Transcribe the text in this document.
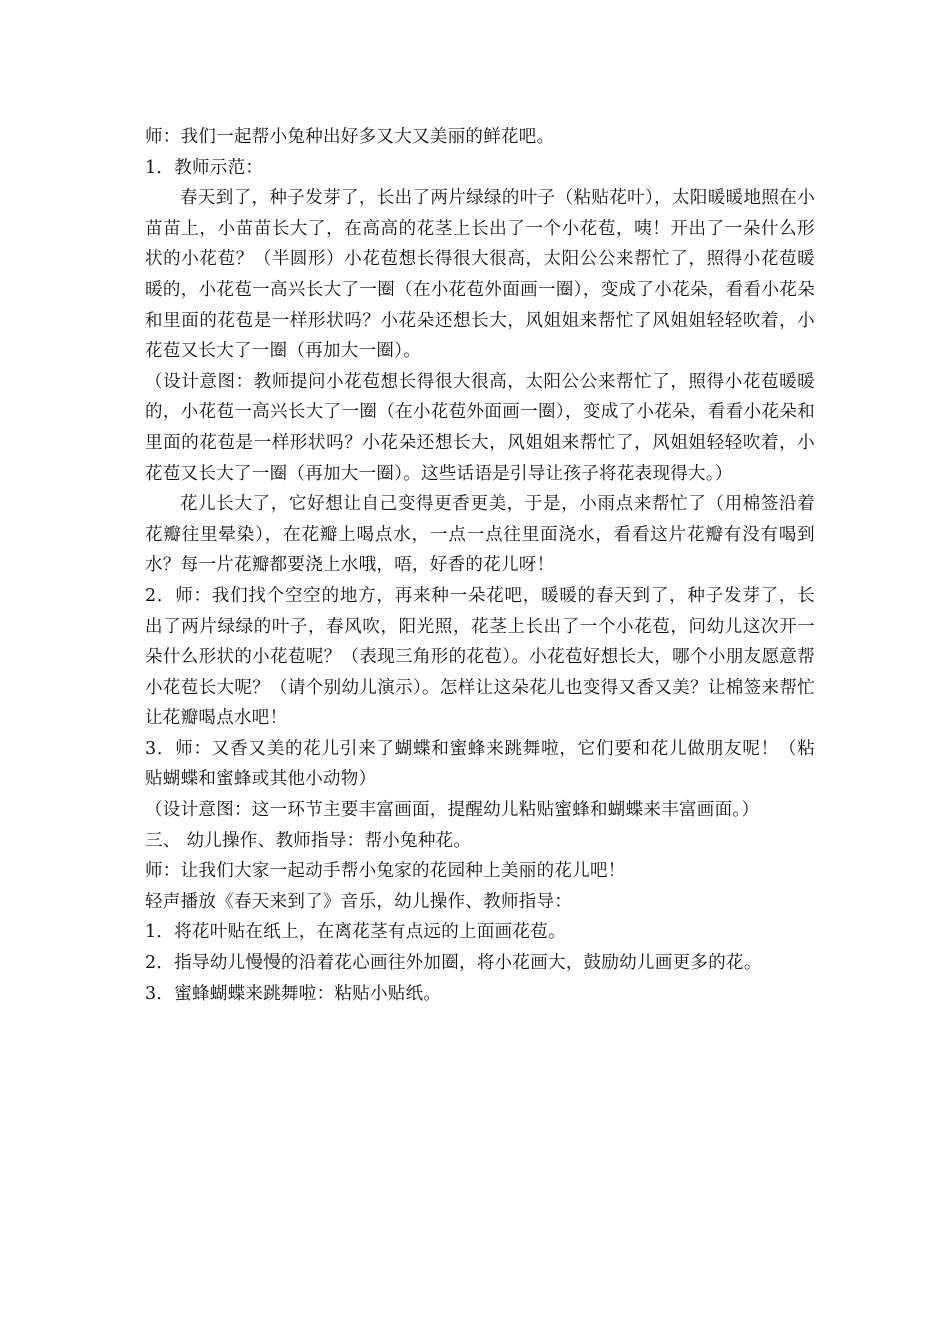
师：我们一起帮小兔种出好多又大又美丽的鲜花吧。

1．教师示范：

春天到了，种子发芽了，长出了两片绿绿的叶子（粘贴花叶），太阳暖暖地照在小苗苗上，小苗苗长大了，在高高的花茎上长出了一个小花苞，咦！开出了一朵什么形状的小花苞？（半圆形）小花苞想长得很大很高，太阳公公来帮忙了，照得小花苞暖暖的，小花苞一高兴长大了一圈（在小花苞外面画一圈），变成了小花朵，看看小花朵和里面的花苞是一样形状吗？小花朵还想长大，风姐姐来帮忙了风姐姐轻轻吹着，小花苞又长大了一圈（再加大一圈）。

（设计意图：教师提问小花苞想长得很大很高，太阳公公来帮忙了，照得小花苞暖暖的，小花苞一高兴长大了一圈（在小花苞外面画一圈），变成了小花朵，看看小花朵和里面的花苞是一样形状吗？小花朵还想长大，风姐姐来帮忙了，风姐姐轻轻吹着，小花苞又长大了一圈（再加大一圈）。这些话语是引导让孩子将花表现得大。）

花儿长大了，它好想让自己变得更香更美，于是，小雨点来帮忙了（用棉签沿着花瓣往里晕染），在花瓣上喝点水，一点一点往里面浇水，看看这片花瓣有没有喝到水？每一片花瓣都要浇上水哦，唔，好香的花儿呀！

2．师：我们找个空空的地方，再来种一朵花吧，暖暖的春天到了，种子发芽了，长出了两片绿绿的叶子，春风吹，阳光照，花茎上长出了一个小花苞，问幼儿这次开一朵什么形状的小花苞呢？（表现三角形的花苞）。小花苞好想长大，哪个小朋友愿意帮小花苞长大呢？（请个别幼儿演示）。怎样让这朵花儿也变得又香又美？让棉签来帮忙让花瓣喝点水吧！

3．师：又香又美的花儿引来了蝴蝶和蜜蜂来跳舞啦，它们要和花儿做朋友呢！（粘贴蝴蝶和蜜蜂或其他小动物）

（设计意图：这一环节主要丰富画面，提醒幼儿粘贴蜜蜂和蝴蝶来丰富画面。）

三、 幼儿操作、教师指导：帮小兔种花。

师：让我们大家一起动手帮小兔家的花园种上美丽的花儿吧！

轻声播放《春天来到了》音乐，幼儿操作、教师指导：

1．将花叶贴在纸上，在离花茎有点远的上面画花苞。

2．指导幼儿慢慢的沿着花心画往外加圈，将小花画大，鼓励幼儿画更多的花。

3．蜜蜂蝴蝶来跳舞啦：粘贴小贴纸。
